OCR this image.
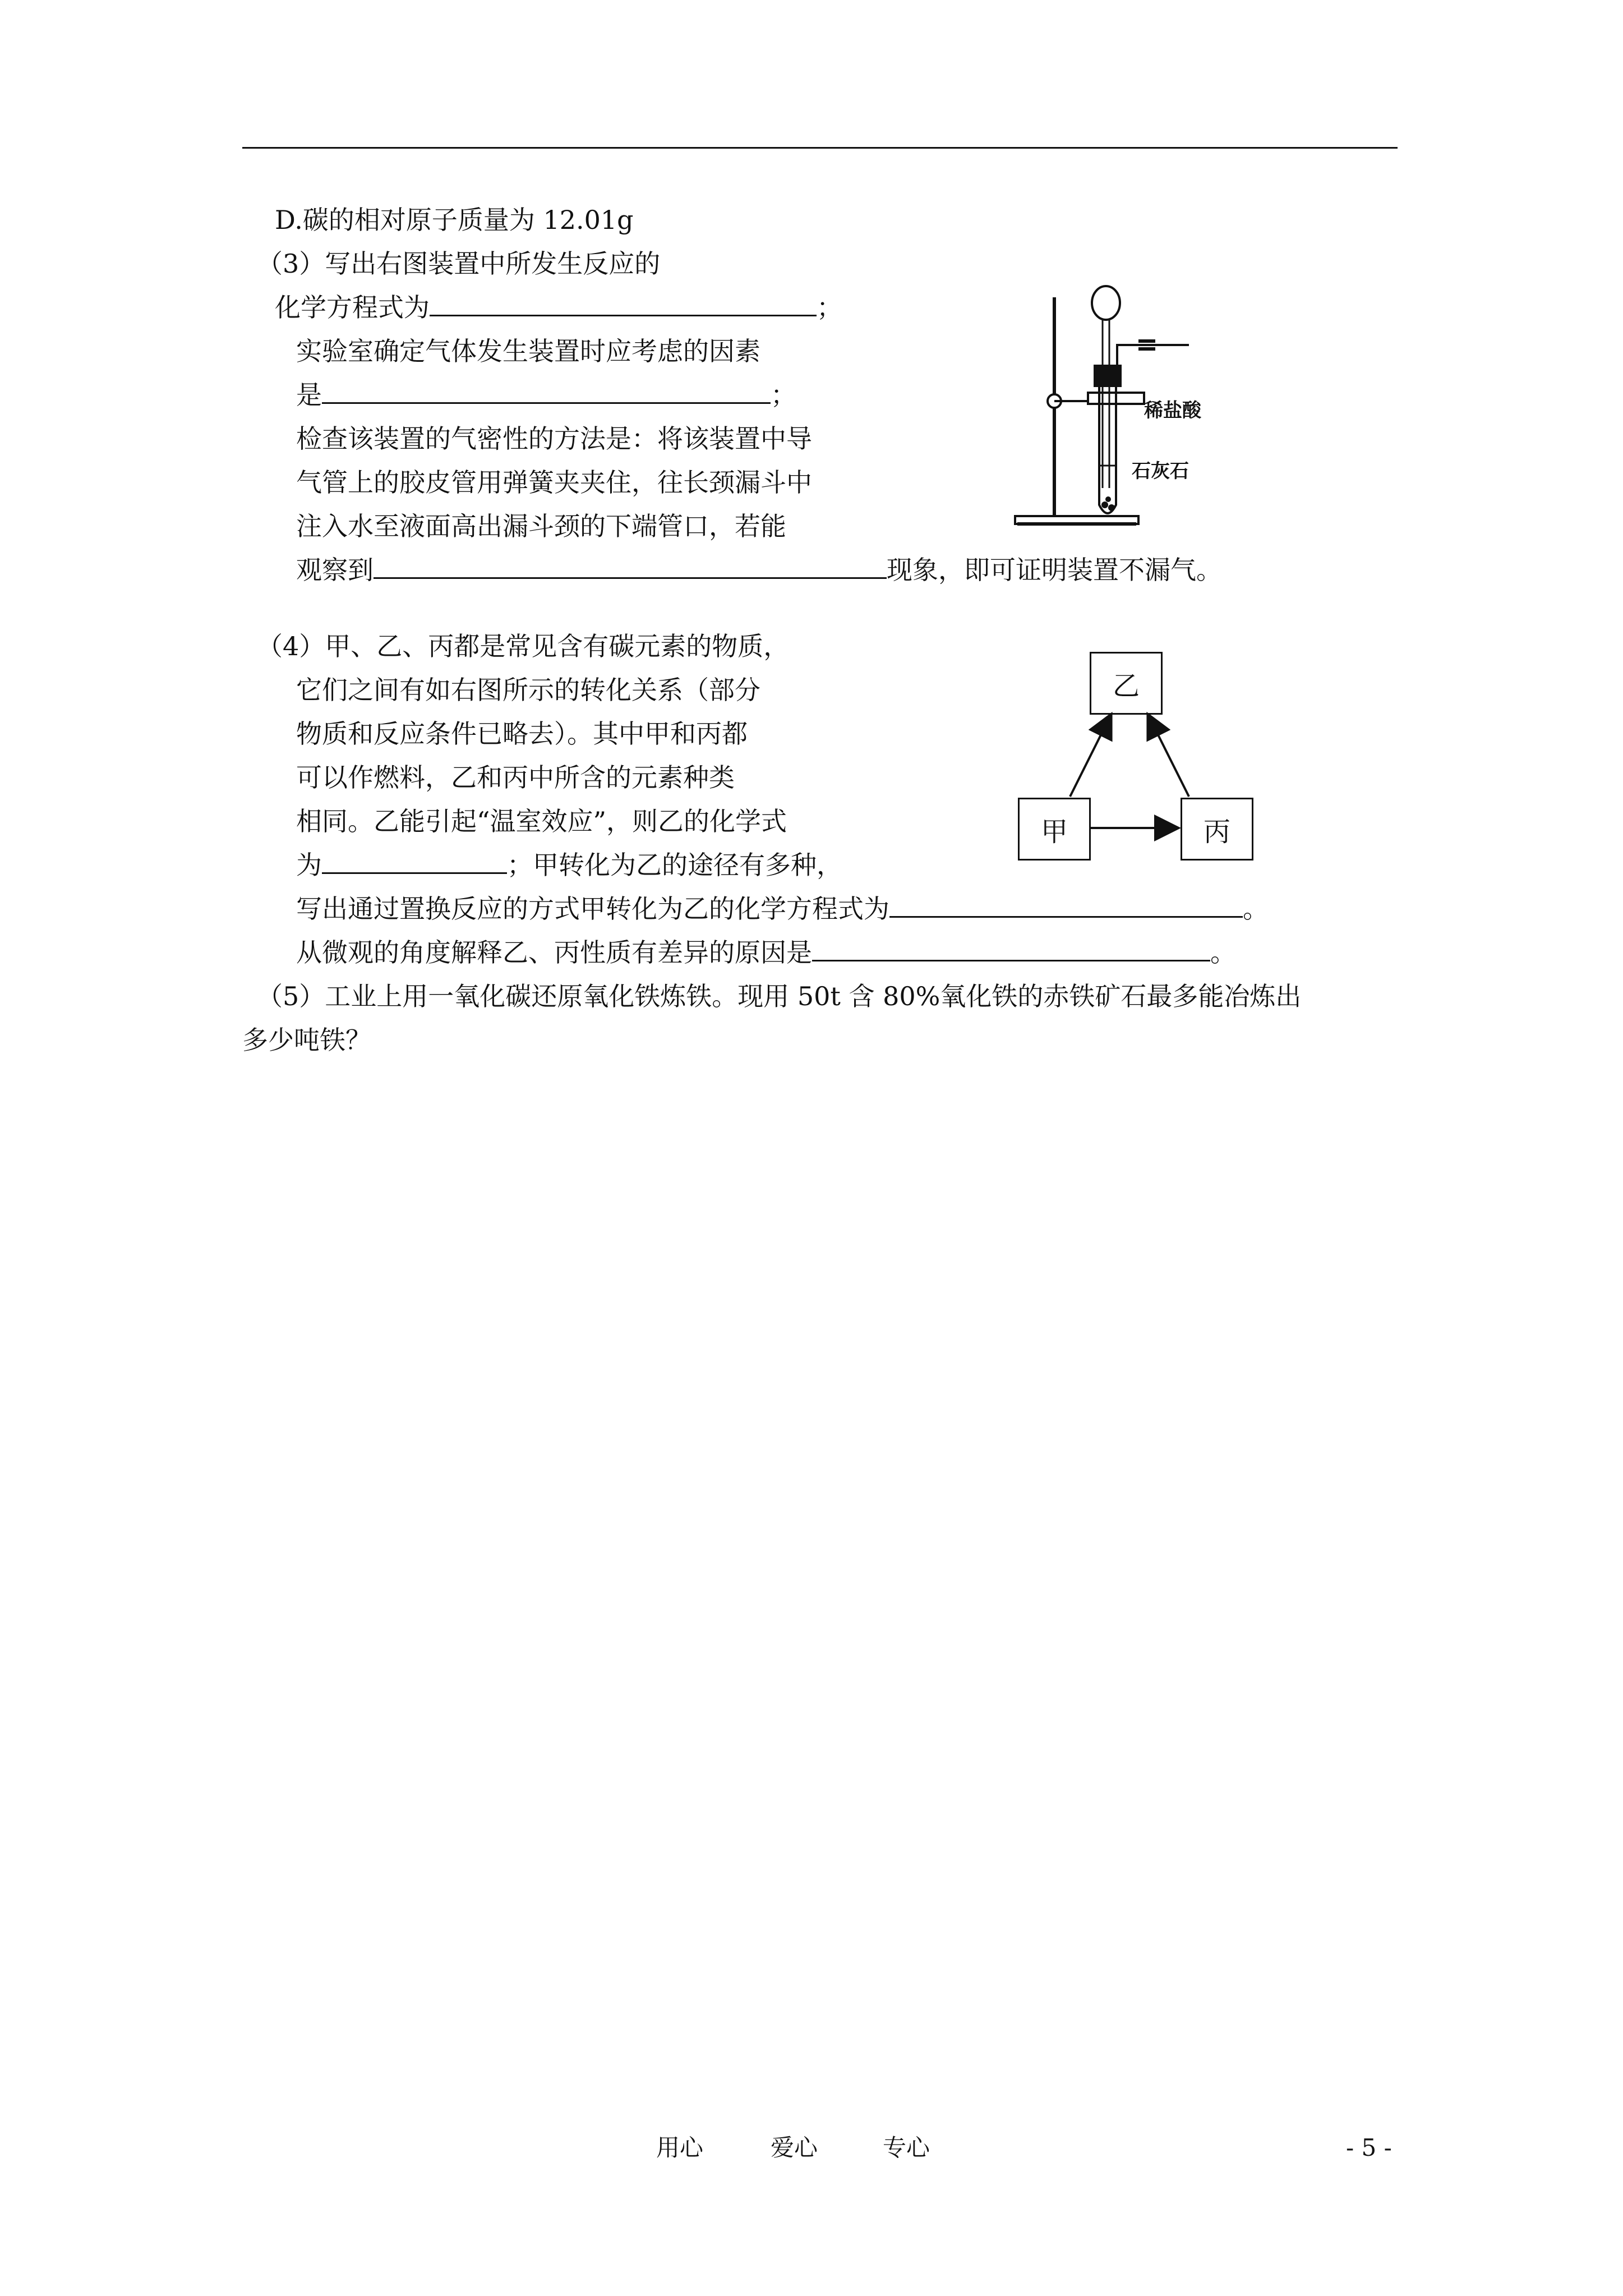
D.碳的相对原子质量为 12.01g
（3）写出右图装置中所发生反应的
化学方程式为	；
实验室确定气体发生装置时应考虑的因素
是	；
检查该装置的气密性的方法是：将该装置中导
气管上的胶皮管用弹簧夹夹住，往长颈漏斗中
注入水至液面高出漏斗颈的下端管口，若能
观察到	现象，即可证明装置不漏气。
稀盐酸
石灰石
（4）甲、乙、丙都是常见含有碳元素的物质，
它们之间有如右图所示的转化关系（部分
物质和反应条件已略去）。其中甲和丙都
可以作燃料，乙和丙中所含的元素种类
相同。乙能引起“温室效应”，则乙的化学式
为	；甲转化为乙的途径有多种，
写出通过置换反应的方式甲转化为乙的化学方程式为	。
从微观的角度解释乙、丙性质有差异的原因是	。
乙
甲	丙
（5）工业上用一氧化碳还原氧化铁炼铁。现用 50t 含 80%氧化铁的赤铁矿石最多能冶炼出
多少吨铁？
用心	爱心	专心	- 5 -
